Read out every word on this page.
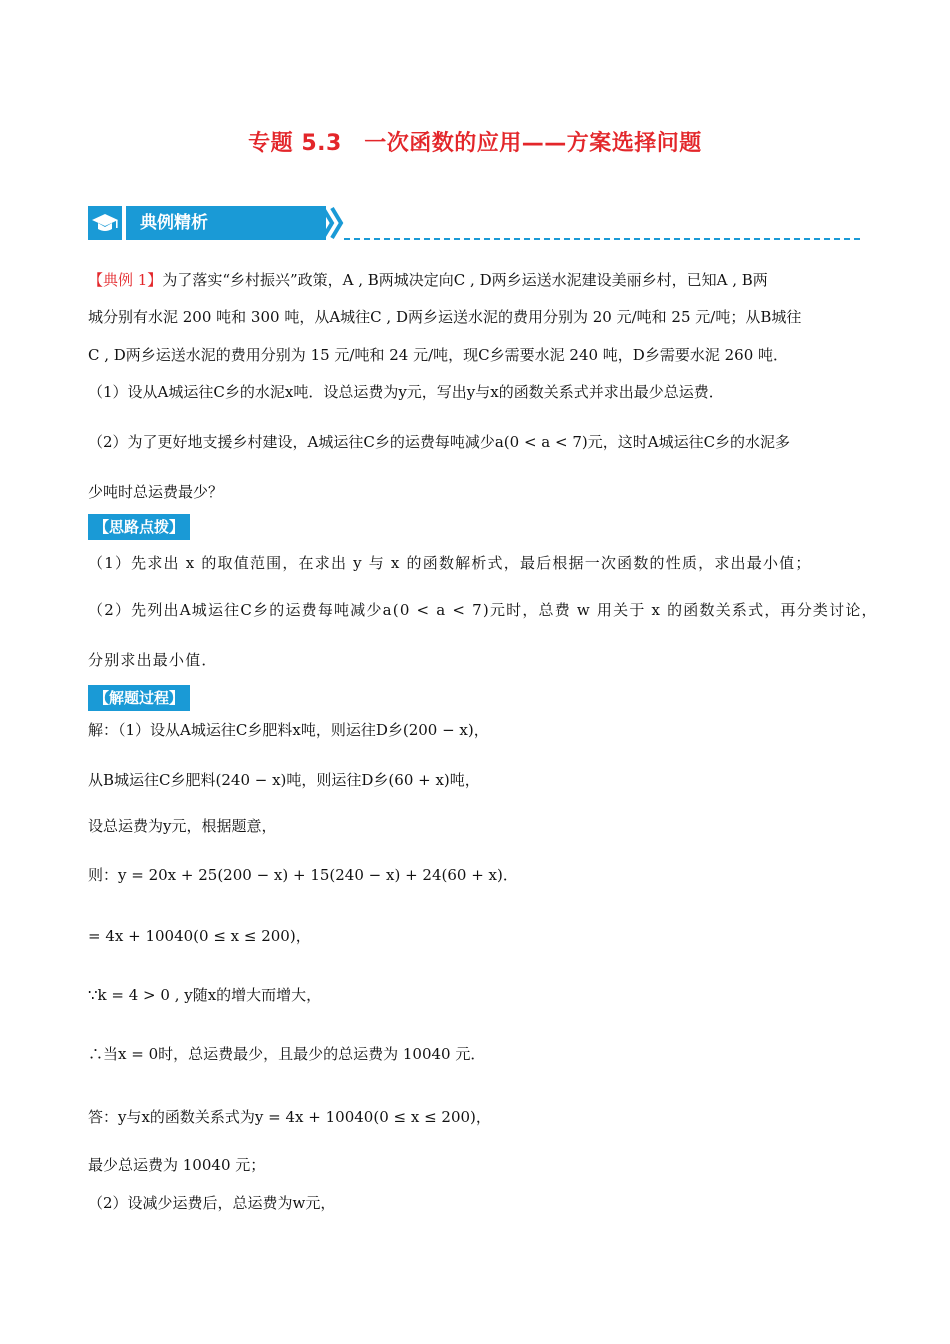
专题 5.3　一次函数的应用——方案选择问题
典例精析
【典例 1】为了落实“乡村振兴”政策，A , B两城决定向C , D两乡运送水泥建设美丽乡村，已知A , B两
城分别有水泥 200 吨和 300 吨，从A城往C , D两乡运送水泥的费用分别为 20 元/吨和 25 元/吨；从B城往
C , D两乡运送水泥的费用分别为 15 元/吨和 24 元/吨，现C乡需要水泥 240 吨，D乡需要水泥 260 吨．
（1）设从A城运往C乡的水泥x吨．设总运费为y元，写出y与x的函数关系式并求出最少总运费．
（2）为了更好地支援乡村建设，A城运往C乡的运费每吨减少a(0 < a < 7)元，这时A城运往C乡的水泥多
少吨时总运费最少？
【思路点拨】
（1）先求出 x 的取值范围，在求出 y 与 x 的函数解析式，最后根据一次函数的性质，求出最小值；
（2）先列出A城运往C乡的运费每吨减少a(0 < a < 7)元时，总费 w 用关于 x 的函数关系式，再分类讨论，
分别求出最小值．
【解题过程】
解：（1）设从A城运往C乡肥料x吨，则运往D乡(200 − x)，
从B城运往C乡肥料(240 − x)吨，则运往D乡(60 + x)吨，
设总运费为y元，根据题意，
则：y = 20x + 25(200 − x) + 15(240 − x) + 24(60 + x)．
= 4x + 10040(0 ≤ x ≤ 200)，
∵k = 4 > 0 , y随x的增大而增大，
∴当x = 0时，总运费最少，且最少的总运费为 10040 元．
答：y与x的函数关系式为y = 4x + 10040(0 ≤ x ≤ 200)，
最少总运费为 10040 元；
（2）设减少运费后，总运费为w元，
